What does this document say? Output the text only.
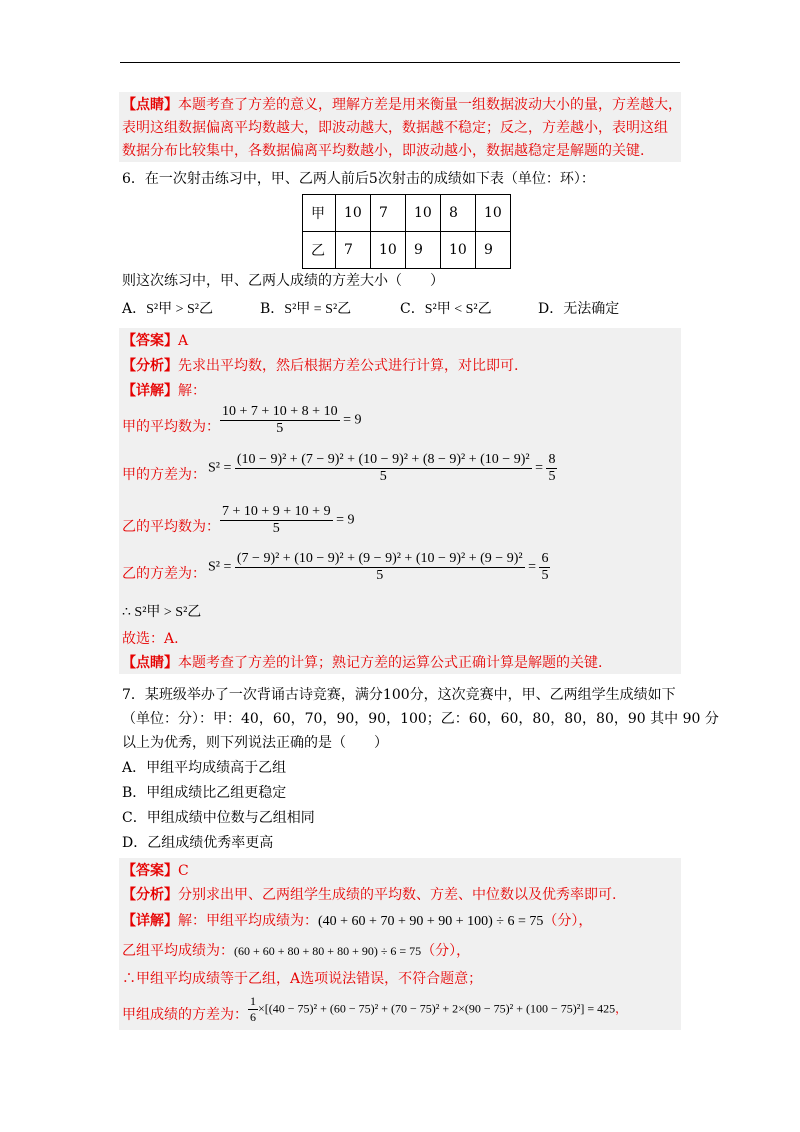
【点睛】本题考查了方差的意义，理解方差是用来衡量一组数据波动大小的量，方差越大，
表明这组数据偏离平均数越大，即波动越大，数据越不稳定；反之，方差越小，表明这组
数据分布比较集中，各数据偏离平均数越小，即波动越小，数据越稳定是解题的关键.
6．在一次射击练习中，甲、乙两人前后5次射击的成绩如下表（单位：环）：
甲	10	7	10	8	10
乙	7	10	9	10	9
则这次练习中，甲、乙两人成绩的方差大小（　　）
A．S²甲 > S²乙	B．S²甲 = S²乙	C．S²甲 < S²乙	D．无法确定
【答案】A
【分析】先求出平均数，然后根据方差公式进行计算，对比即可.
【详解】解：
甲的平均数为： $\frac{10 + 7 + 10 + 8 + 10}{5} = 9$
甲的方差为： $S^2 = \frac{\text{(10 − 9)² + (7 − 9)² + (10 − 9)² + (8 − 9)² + (10 − 9)²}}{5} = \frac{8}{5}$
乙的平均数为： $\frac{7 + 10 + 9 + 10 + 9}{5} = 9$
乙的方差为： $S^2 = \frac{\text{(7 − 9)² + (10 − 9)² + (9 − 9)² + (10 − 9)² + (9 − 9)²}}{5} = \frac{6}{5}$
∴ S²甲 > S²乙
故选：A.
【点睛】本题考查了方差的计算；熟记方差的运算公式正确计算是解题的关键.
7．某班级举办了一次背诵古诗竞赛，满分100分，这次竞赛中，甲、乙两组学生成绩如下
（单位：分）：甲：40，60，70，90，90，100；乙：60，60，80，80，80，90 其中 90 分
以上为优秀，则下列说法正确的是（　　）
A．甲组平均成绩高于乙组
B．甲组成绩比乙组更稳定
C．甲组成绩中位数与乙组相同
D．乙组成绩优秀率更高
【答案】C
【分析】分别求出甲、乙两组学生成绩的平均数、方差、中位数以及优秀率即可.
【详解】解：甲组平均成绩为：(40 + 60 + 70 + 90 + 90 + 100) ÷ 6 = 75（分），
乙组平均成绩为：(60 + 60 + 80 + 80 + 80 + 90) ÷ 6 = 75（分），
∴甲组平均成绩等于乙组，A选项说法错误，不符合题意；
甲组成绩的方差为： $\frac{1}{6} \times[(40 - 75)^2 + (60 - 75)^2 + (70 - 75)^2 + 2\times(90 - 75)^2 + (100 - 75)^2] = 425$，
